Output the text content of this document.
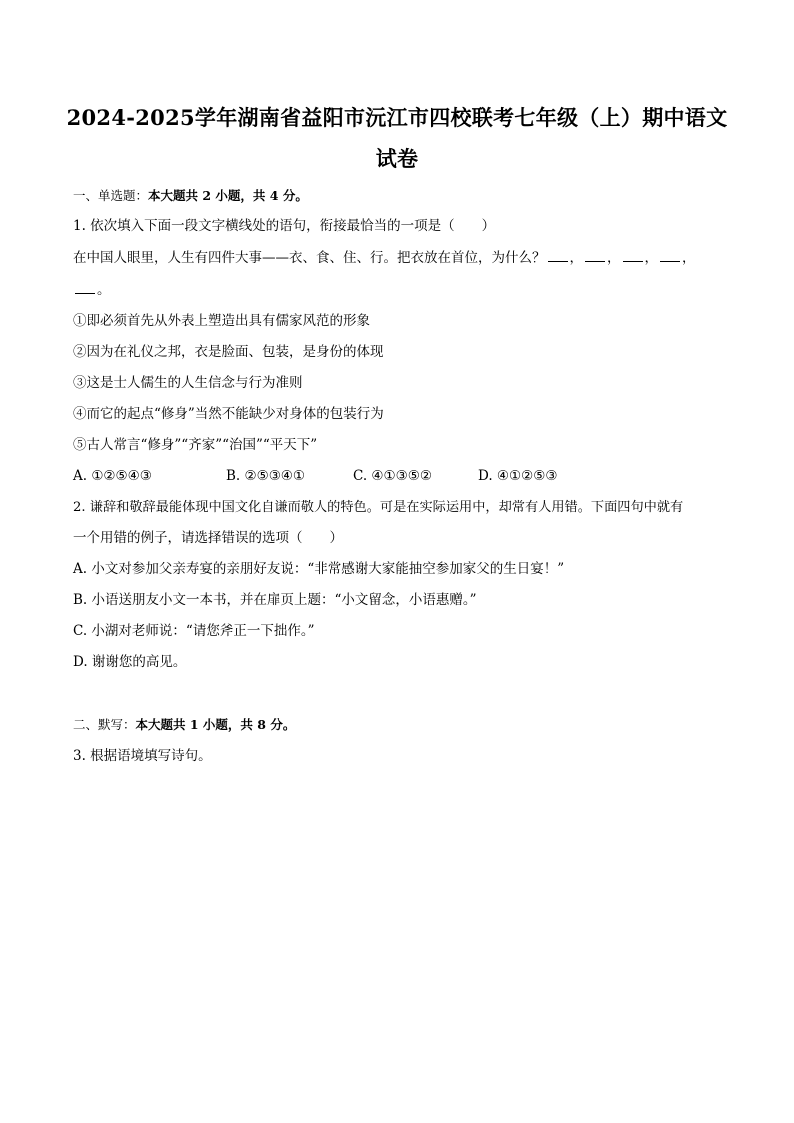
2024-2025学年湖南省益阳市沅江市四校联考七年级（上）期中语文
试卷
一、单选题：本大题共 2 小题，共 4 分。
1. 依次填入下面一段文字横线处的语句，衔接最恰当的一项是（　　）
在中国人眼里，人生有四件大事——衣、食、住、行。把衣放在首位，为什么？ ， ， ， ，
。
①即必须首先从外表上塑造出具有儒家风范的形象
②因为在礼仪之邦，衣是脸面、包装，是身份的体现
③这是士人儒生的人生信念与行为准则
④而它的起点“修身”当然不能缺少对身体的包装行为
⑤古人常言“修身”“齐家”“治国”“平天下”
A. ①②⑤④③	B. ②⑤③④①	C. ④①③⑤②	D. ④①②⑤③
2. 谦辞和敬辞最能体现中国文化自谦而敬人的特色。可是在实际运用中，却常有人用错。下面四句中就有
一个用错的例子，请选择错误的选项（　　）
A. 小文对参加父亲寿宴的亲朋好友说：“非常感谢大家能抽空参加家父的生日宴！”
B. 小语送朋友小文一本书，并在扉页上题：“小文留念，小语惠赠。”
C. 小湖对老师说：“请您斧正一下拙作。”
D. 谢谢您的高见。
二、默写：本大题共 1 小题，共 8 分。
3. 根据语境填写诗句。
